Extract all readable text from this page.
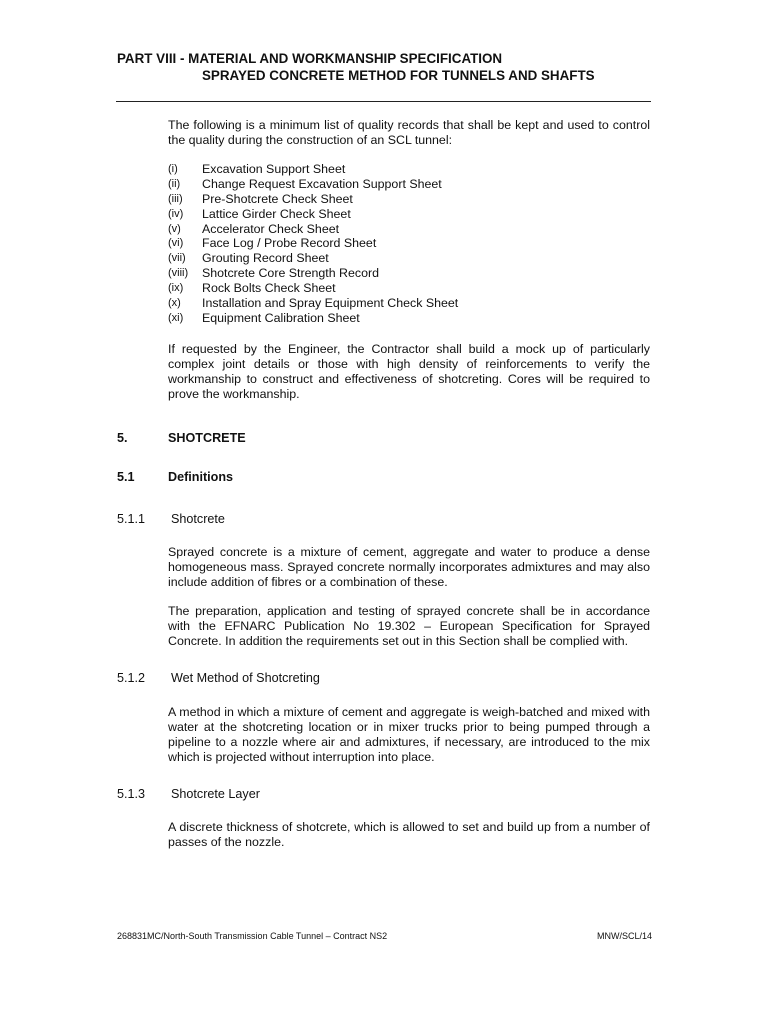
PART VIII - MATERIAL AND WORKMANSHIP SPECIFICATION
SPRAYED CONCRETE METHOD FOR TUNNELS AND SHAFTS

The following is a minimum list of quality records that shall be kept and used to control the quality during the construction of an SCL tunnel:

(i)	Excavation Support Sheet
(ii)	Change Request Excavation Support Sheet
(iii)	Pre-Shotcrete Check Sheet
(iv)	Lattice Girder Check Sheet
(v)	Accelerator Check Sheet
(vi)	Face Log / Probe Record Sheet
(vii)	Grouting Record Sheet
(viii)	Shotcrete Core Strength Record
(ix)	Rock Bolts Check Sheet
(x)	Installation and Spray Equipment Check Sheet
(xi)	Equipment Calibration Sheet

If requested by the Engineer, the Contractor shall build a mock up of particularly complex joint details or those with high density of reinforcements to verify the workmanship to construct and effectiveness of shotcreting. Cores will be required to prove the workmanship.

5.	SHOTCRETE
5.1	Definitions
5.1.1 Shotcrete

Sprayed concrete is a mixture of cement, aggregate and water to produce a dense homogeneous mass. Sprayed concrete normally incorporates admixtures and may also include addition of fibres or a combination of these.

The preparation, application and testing of sprayed concrete shall be in accordance with the EFNARC Publication No 19.302 – European Specification for Sprayed Concrete. In addition the requirements set out in this Section shall be complied with.

5.1.2 Wet Method of Shotcreting

A method in which a mixture of cement and aggregate is weigh-batched and mixed with water at the shotcreting location or in mixer trucks prior to being pumped through a pipeline to a nozzle where air and admixtures, if necessary, are introduced to the mix which is projected without interruption into place.

5.1.3 Shotcrete Layer

A discrete thickness of shotcrete, which is allowed to set and build up from a number of passes of the nozzle.

268831MC/North-South Transmission Cable Tunnel – Contract NS2	MNW/SCL/14
